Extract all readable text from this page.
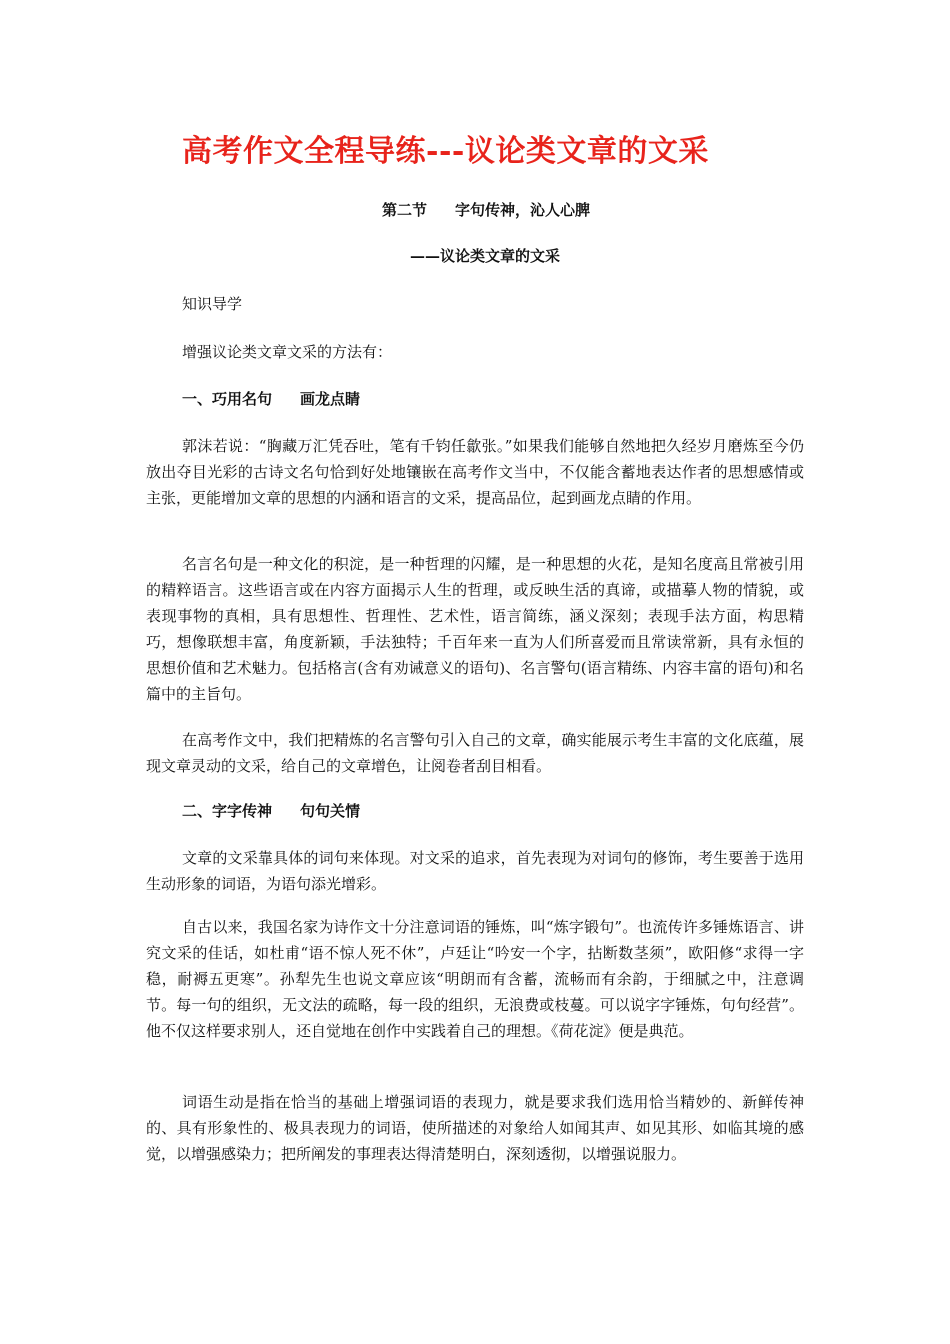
高考作文全程导练---议论类文章的文采
第二节 字句传神，沁人心脾
——议论类文章的文采
知识导学
增强议论类文章文采的方法有：
一、巧用名句 画龙点睛
郭沫若说：“胸藏万汇凭吞吐，笔有千钧任歙张。”如果我们能够自然地把久经岁月磨炼至今仍放出夺目光彩的古诗文名句恰到好处地镶嵌在高考作文当中，不仅能含蓄地表达作者的思想感情或主张，更能增加文章的思想的内涵和语言的文采，提高品位，起到画龙点睛的作用。
名言名句是一种文化的积淀，是一种哲理的闪耀，是一种思想的火花，是知名度高且常被引用的精粹语言。这些语言或在内容方面揭示人生的哲理，或反映生活的真谛，或描摹人物的情貌，或表现事物的真相，具有思想性、哲理性、艺术性，语言简练，涵义深刻；表现手法方面，构思精巧，想像联想丰富，角度新颖，手法独特；千百年来一直为人们所喜爱而且常读常新，具有永恒的思想价值和艺术魅力。包括格言(含有劝诫意义的语句)、名言警句(语言精练、内容丰富的语句)和名篇中的主旨句。
在高考作文中，我们把精炼的名言警句引入自己的文章，确实能展示考生丰富的文化底蕴，展现文章灵动的文采，给自己的文章增色，让阅卷者刮目相看。
二、字字传神 句句关情
文章的文采靠具体的词句来体现。对文采的追求，首先表现为对词句的修饰，考生要善于选用生动形象的词语，为语句添光增彩。
自古以来，我国名家为诗作文十分注意词语的锤炼，叫“炼字锻句”。也流传许多锤炼语言、讲究文采的佳话，如杜甫“语不惊人死不休”，卢廷让“吟安一个字，拈断数茎须”，欧阳修“求得一字稳，耐褥五更寒”。孙犁先生也说文章应该“明朗而有含蓄，流畅而有余韵，于细腻之中，注意调节。每一句的组织，无文法的疏略，每一段的组织，无浪费或枝蔓。可以说字字锤炼，句句经营”。他不仅这样要求别人，还自觉地在创作中实践着自己的理想。《荷花淀》便是典范。
词语生动是指在恰当的基础上增强词语的表现力，就是要求我们选用恰当精妙的、新鲜传神的、具有形象性的、极具表现力的词语，使所描述的对象给人如闻其声、如见其形、如临其境的感觉，以增强感染力；把所阐发的事理表达得清楚明白，深刻透彻，以增强说服力。
